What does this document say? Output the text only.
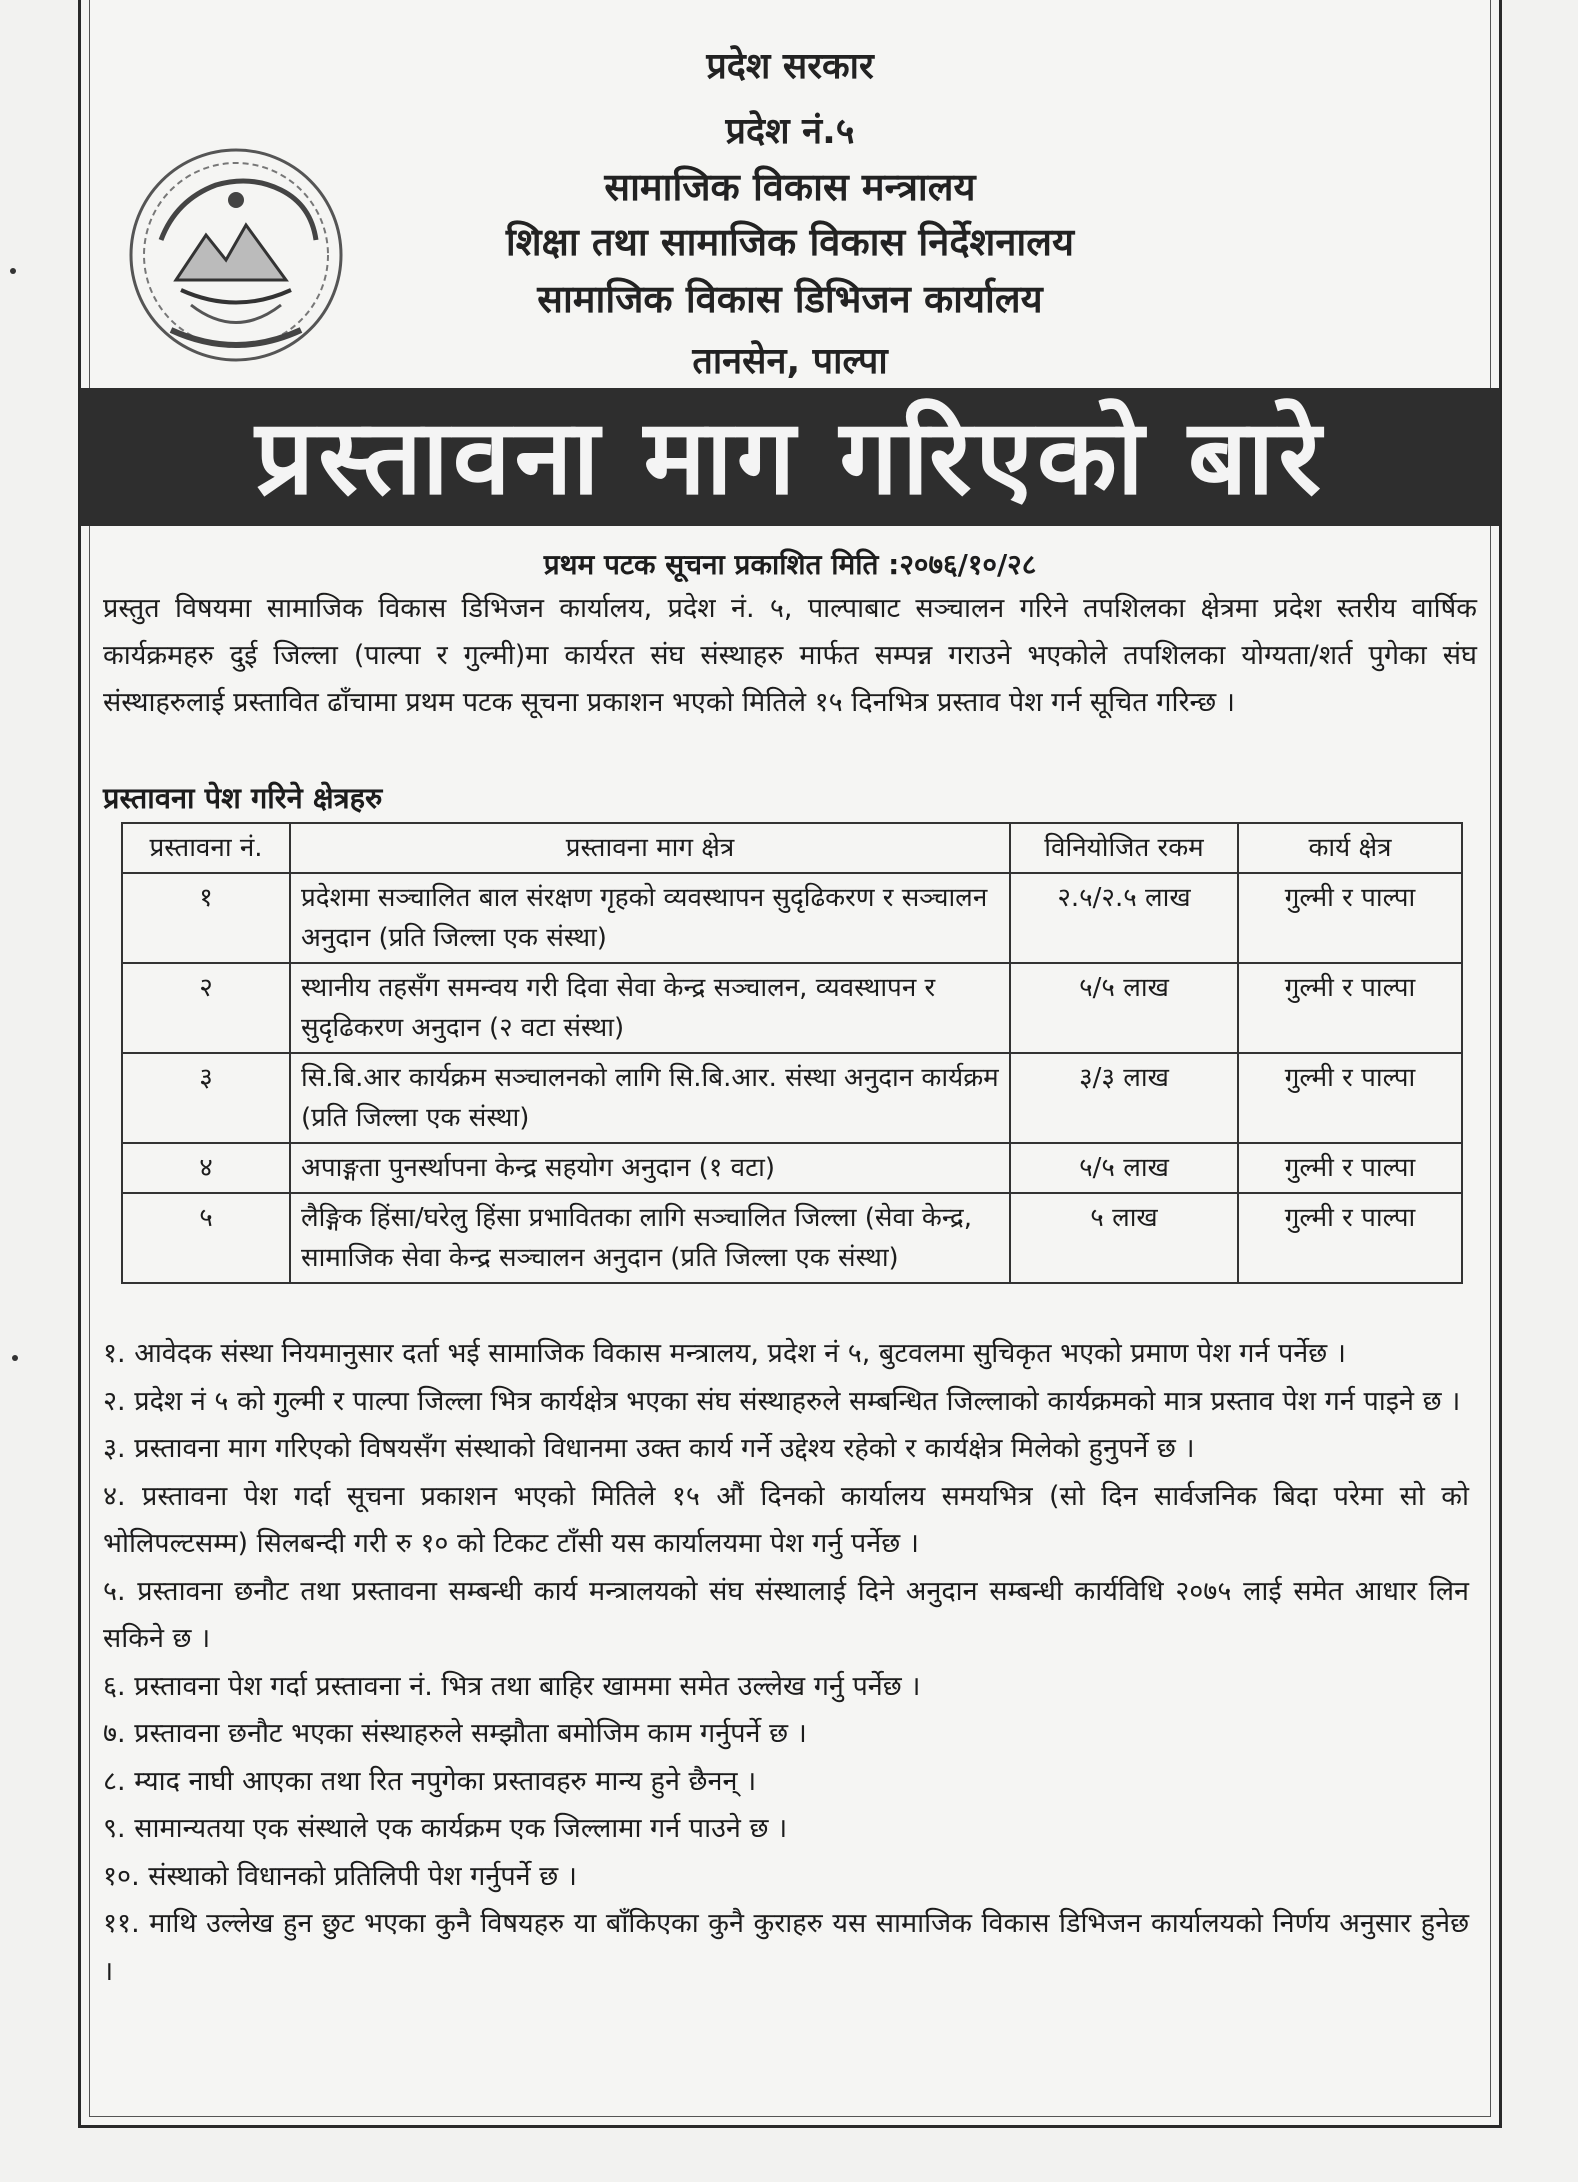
प्रदेश सरकार
प्रदेश नं.५
सामाजिक विकास मन्त्रालय
शिक्षा तथा सामाजिक विकास निर्देशनालय
सामाजिक विकास डिभिजन कार्यालय
तानसेन, पाल्पा
प्रस्तावना माग गरिएको बारे
प्रथम पटक सूचना प्रकाशित मिति :२०७६/१०/२८
प्रस्तुत विषयमा सामाजिक विकास डिभिजन कार्यालय, प्रदेश नं. ५, पाल्पाबाट सञ्चालन गरिने तपशिलका क्षेत्रमा प्रदेश स्तरीय वार्षिक कार्यक्रमहरु दुई जिल्ला (पाल्पा र गुल्मी)मा कार्यरत संघ संस्थाहरु मार्फत सम्पन्न गराउने भएकोले तपशिलका योग्यता/शर्त पुगेका संघ संस्थाहरुलाई प्रस्तावित ढाँचामा प्रथम पटक सूचना प्रकाशन भएको मितिले १५ दिनभित्र प्रस्ताव पेश गर्न सूचित गरिन्छ ।
प्रस्तावना पेश गरिने क्षेत्रहरु
प्रस्तावना नं.	प्रस्तावना माग क्षेत्र	विनियोजित रकम	कार्य क्षेत्र
१	प्रदेशमा सञ्चालित बाल संरक्षण गृहको व्यवस्थापन सुदृढिकरण र सञ्चालन अनुदान (प्रति जिल्ला एक संस्था)	२.५/२.५ लाख	गुल्मी र पाल्पा
२	स्थानीय तहसँग समन्वय गरी दिवा सेवा केन्द्र सञ्चालन, व्यवस्थापन र सुदृढिकरण अनुदान (२ वटा संस्था)	५/५ लाख	गुल्मी र पाल्पा
३	सि.बि.आर कार्यक्रम सञ्चालनको लागि सि.बि.आर. संस्था अनुदान कार्यक्रम (प्रति जिल्ला एक संस्था)	३/३ लाख	गुल्मी र पाल्पा
४	अपाङ्गता पुनर्स्थापना केन्द्र सहयोग अनुदान (१ वटा)	५/५ लाख	गुल्मी र पाल्पा
५	लैङ्गिक हिंसा/घरेलु हिंसा प्रभावितका लागि सञ्चालित जिल्ला (सेवा केन्द्र, सामाजिक सेवा केन्द्र सञ्चालन अनुदान (प्रति जिल्ला एक संस्था)	५ लाख	गुल्मी र पाल्पा

१. आवेदक संस्था नियमानुसार दर्ता भई सामाजिक विकास मन्त्रालय, प्रदेश नं ५, बुटवलमा सुचिकृत भएको प्रमाण पेश गर्न पर्नेछ ।

२. प्रदेश नं ५ को गुल्मी र पाल्पा जिल्ला भित्र कार्यक्षेत्र भएका संघ संस्थाहरुले सम्बन्धित जिल्लाको कार्यक्रमको मात्र प्रस्ताव पेश गर्न पाइने छ ।

३. प्रस्तावना माग गरिएको विषयसँग संस्थाको विधानमा उक्त कार्य गर्ने उद्देश्य रहेको र कार्यक्षेत्र मिलेको हुनुपर्ने छ ।

४. प्रस्तावना पेश गर्दा सूचना प्रकाशन भएको मितिले १५ औं दिनको कार्यालय समयभित्र (सो दिन सार्वजनिक बिदा परेमा सो को भोलिपल्टसम्म) सिलबन्दी गरी रु १० को टिकट टाँसी यस कार्यालयमा पेश गर्नु पर्नेछ ।

५. प्रस्तावना छनौट तथा प्रस्तावना सम्बन्धी कार्य मन्त्रालयको संघ संस्थालाई दिने अनुदान सम्बन्धी कार्यविधि २०७५ लाई समेत आधार लिन सकिने छ ।

६. प्रस्तावना पेश गर्दा प्रस्तावना नं. भित्र तथा बाहिर खाममा समेत उल्लेख गर्नु पर्नेछ ।

७. प्रस्तावना छनौट भएका संस्थाहरुले सम्झौता बमोजिम काम गर्नुपर्ने छ ।

८. म्याद नाघी आएका तथा रित नपुगेका प्रस्तावहरु मान्य हुने छैनन् ।

९. सामान्यतया एक संस्थाले एक कार्यक्रम एक जिल्लामा गर्न पाउने छ ।

१०. संस्थाको विधानको प्रतिलिपी पेश गर्नुपर्ने छ ।

११. माथि उल्लेख हुन छुट भएका कुनै विषयहरु या बाँकिएका कुनै कुराहरु यस सामाजिक विकास डिभिजन कार्यालयको निर्णय अनुसार हुनेछ ।
